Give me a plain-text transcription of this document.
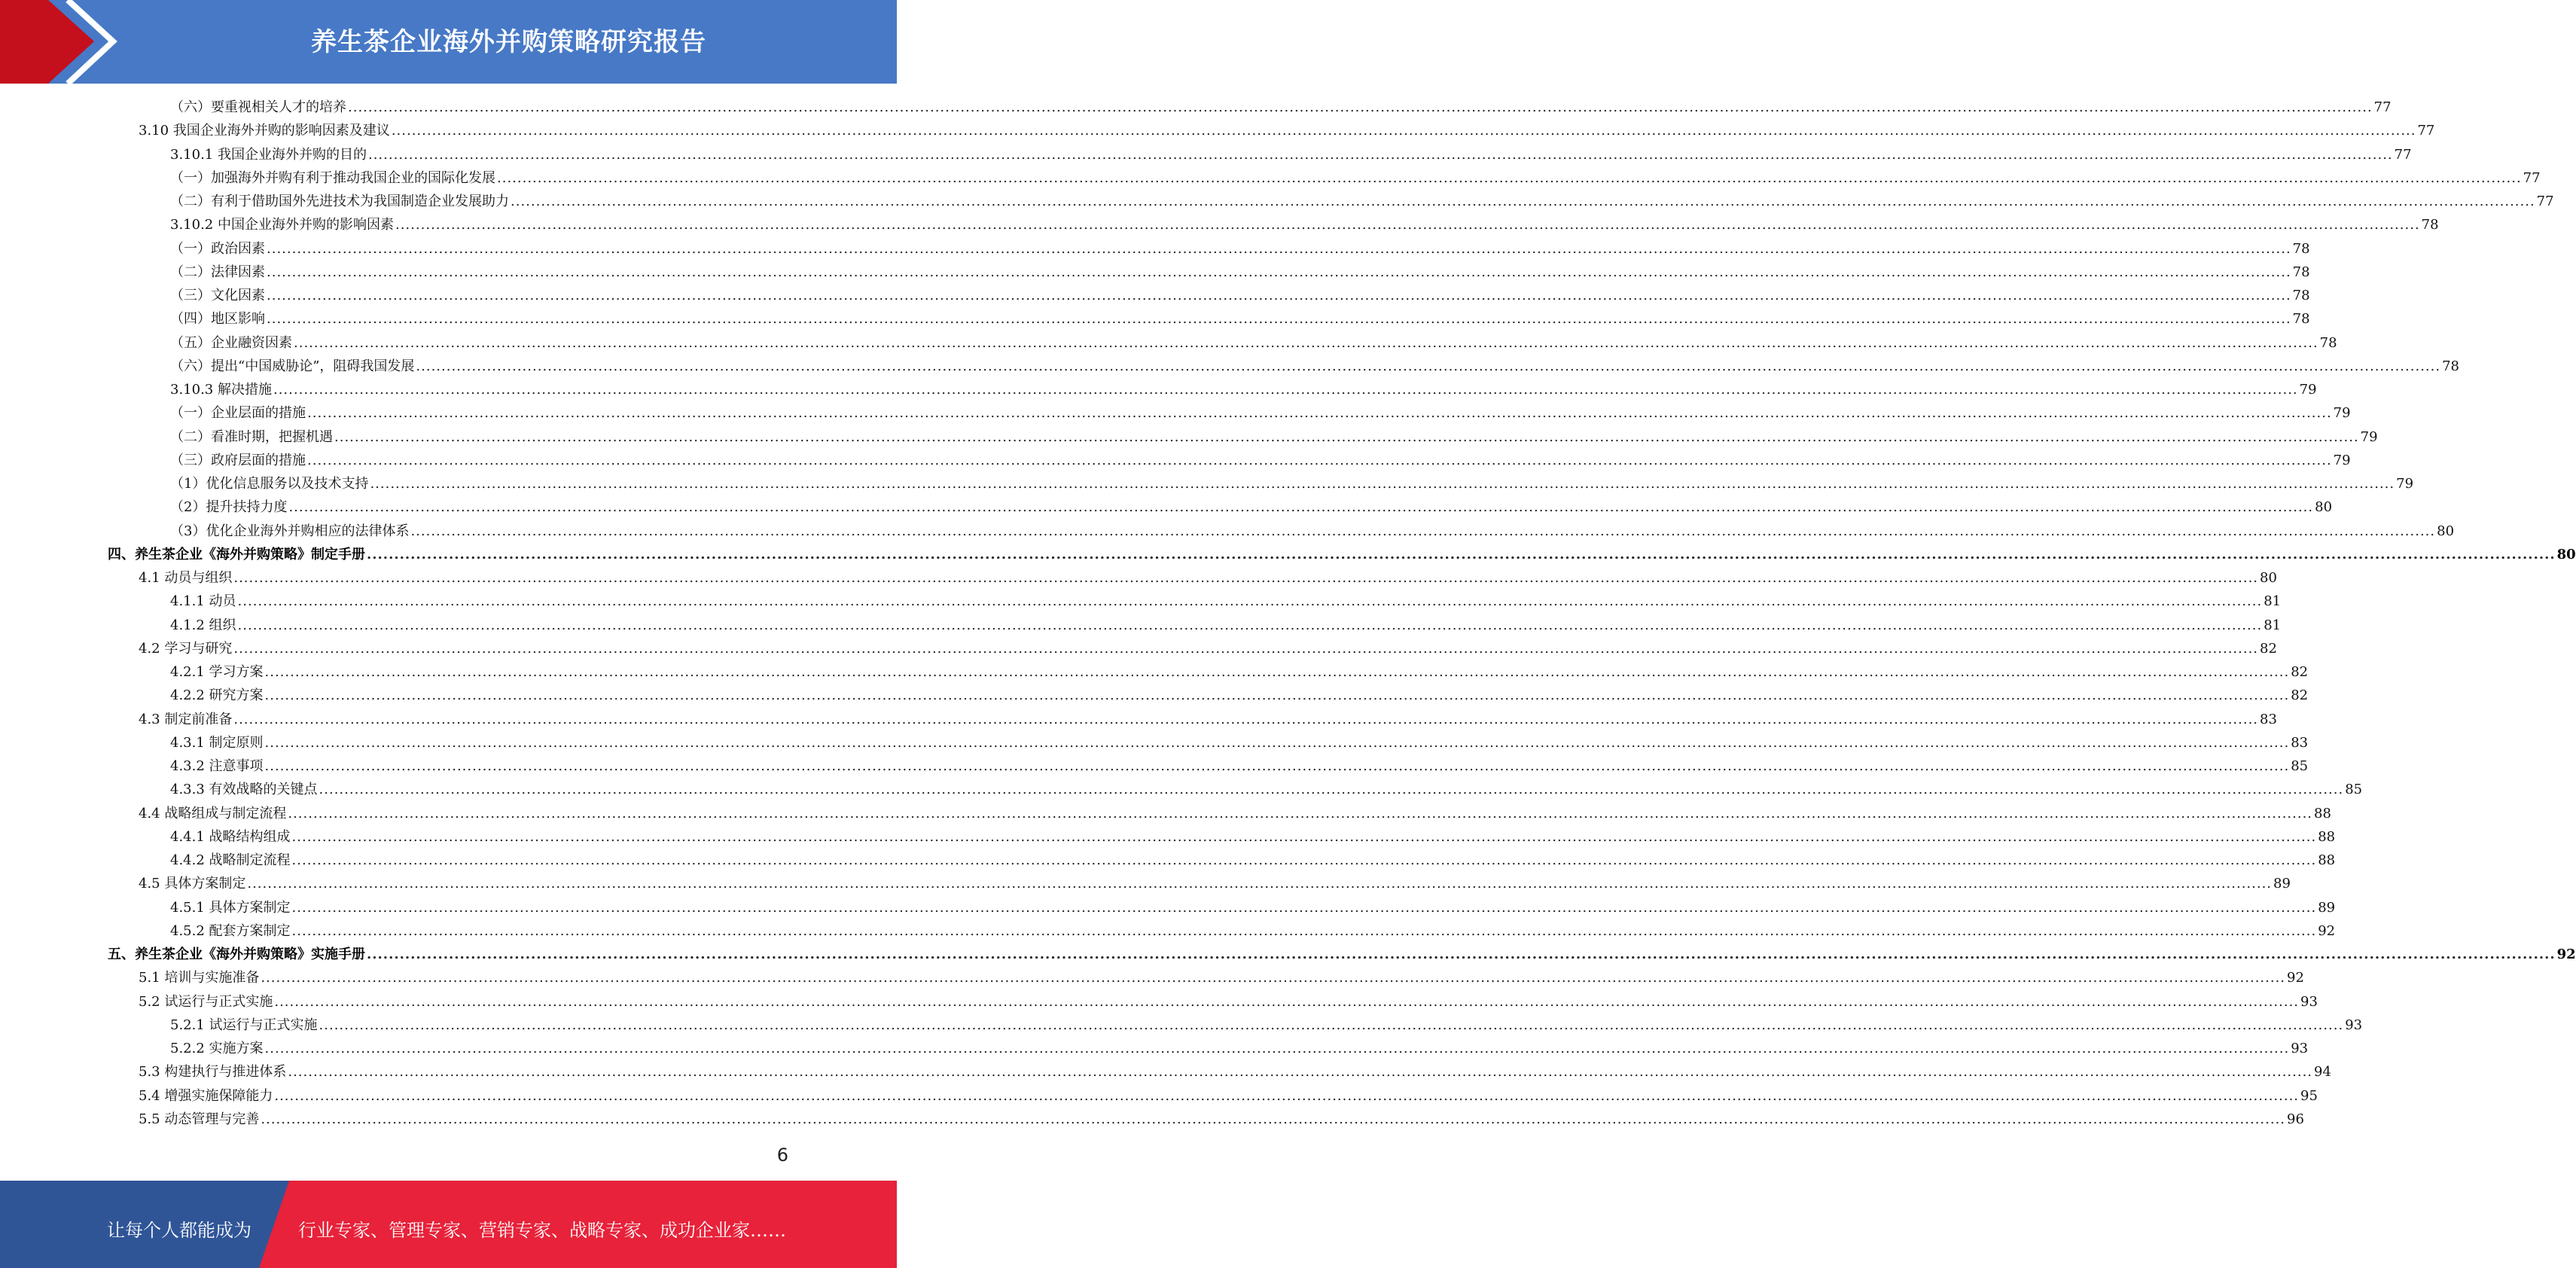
养生茶企业海外并购策略研究报告
（六）要重视相关人才的培养 ................................................................................................................................................................................................................................................................................................................................................................................................................ 77
3.10 我国企业海外并购的影响因素及建议 ................................................................................................................................................................................................................................................................................................................................................................................................................ 77
3.10.1 我国企业海外并购的目的 ................................................................................................................................................................................................................................................................................................................................................................................................................ 77
（一）加强海外并购有利于推动我国企业的国际化发展 ................................................................................................................................................................................................................................................................................................................................................................................................................ 77
（二）有利于借助国外先进技术为我国制造企业发展助力 ................................................................................................................................................................................................................................................................................................................................................................................................................ 77
3.10.2 中国企业海外并购的影响因素 ................................................................................................................................................................................................................................................................................................................................................................................................................ 78
（一）政治因素 ................................................................................................................................................................................................................................................................................................................................................................................................................ 78
（二）法律因素 ................................................................................................................................................................................................................................................................................................................................................................................................................ 78
（三）文化因素 ................................................................................................................................................................................................................................................................................................................................................................................................................ 78
（四）地区影响 ................................................................................................................................................................................................................................................................................................................................................................................................................ 78
（五）企业融资因素 ................................................................................................................................................................................................................................................................................................................................................................................................................ 78
（六）提出“中国威胁论”，阻碍我国发展 ................................................................................................................................................................................................................................................................................................................................................................................................................ 78
3.10.3 解决措施 ................................................................................................................................................................................................................................................................................................................................................................................................................ 79
（一）企业层面的措施 ................................................................................................................................................................................................................................................................................................................................................................................................................ 79
（二）看准时期，把握机遇 ................................................................................................................................................................................................................................................................................................................................................................................................................ 79
（三）政府层面的措施 ................................................................................................................................................................................................................................................................................................................................................................................................................ 79
（1）优化信息服务以及技术支持 ................................................................................................................................................................................................................................................................................................................................................................................................................ 79
（2）提升扶持力度 ................................................................................................................................................................................................................................................................................................................................................................................................................ 80
（3）优化企业海外并购相应的法律体系 ................................................................................................................................................................................................................................................................................................................................................................................................................ 80
四、养生茶企业《海外并购策略》制定手册 ................................................................................................................................................................................................................................................................................................................................................................................................................ 80
4.1 动员与组织 ................................................................................................................................................................................................................................................................................................................................................................................................................ 80
4.1.1 动员 ................................................................................................................................................................................................................................................................................................................................................................................................................ 81
4.1.2 组织 ................................................................................................................................................................................................................................................................................................................................................................................................................ 81
4.2 学习与研究 ................................................................................................................................................................................................................................................................................................................................................................................................................ 82
4.2.1 学习方案 ................................................................................................................................................................................................................................................................................................................................................................................................................ 82
4.2.2 研究方案 ................................................................................................................................................................................................................................................................................................................................................................................................................ 82
4.3 制定前准备 ................................................................................................................................................................................................................................................................................................................................................................................................................ 83
4.3.1 制定原则 ................................................................................................................................................................................................................................................................................................................................................................................................................ 83
4.3.2 注意事项 ................................................................................................................................................................................................................................................................................................................................................................................................................ 85
4.3.3 有效战略的关键点 ................................................................................................................................................................................................................................................................................................................................................................................................................ 85
4.4 战略组成与制定流程 ................................................................................................................................................................................................................................................................................................................................................................................................................ 88
4.4.1 战略结构组成 ................................................................................................................................................................................................................................................................................................................................................................................................................ 88
4.4.2 战略制定流程 ................................................................................................................................................................................................................................................................................................................................................................................................................ 88
4.5 具体方案制定 ................................................................................................................................................................................................................................................................................................................................................................................................................ 89
4.5.1 具体方案制定 ................................................................................................................................................................................................................................................................................................................................................................................................................ 89
4.5.2 配套方案制定 ................................................................................................................................................................................................................................................................................................................................................................................................................ 92
五、养生茶企业《海外并购策略》实施手册 ................................................................................................................................................................................................................................................................................................................................................................................................................ 92
5.1 培训与实施准备 ................................................................................................................................................................................................................................................................................................................................................................................................................ 92
5.2 试运行与正式实施 ................................................................................................................................................................................................................................................................................................................................................................................................................ 93
5.2.1 试运行与正式实施 ................................................................................................................................................................................................................................................................................................................................................................................................................ 93
5.2.2 实施方案 ................................................................................................................................................................................................................................................................................................................................................................................................................ 93
5.3 构建执行与推进体系 ................................................................................................................................................................................................................................................................................................................................................................................................................ 94
5.4 增强实施保障能力 ................................................................................................................................................................................................................................................................................................................................................................................................................ 95
5.5 动态管理与完善 ................................................................................................................................................................................................................................................................................................................................................................................................................ 96
6
让每个人都能成为	行业专家、管理专家、营销专家、战略专家、成功企业家……
